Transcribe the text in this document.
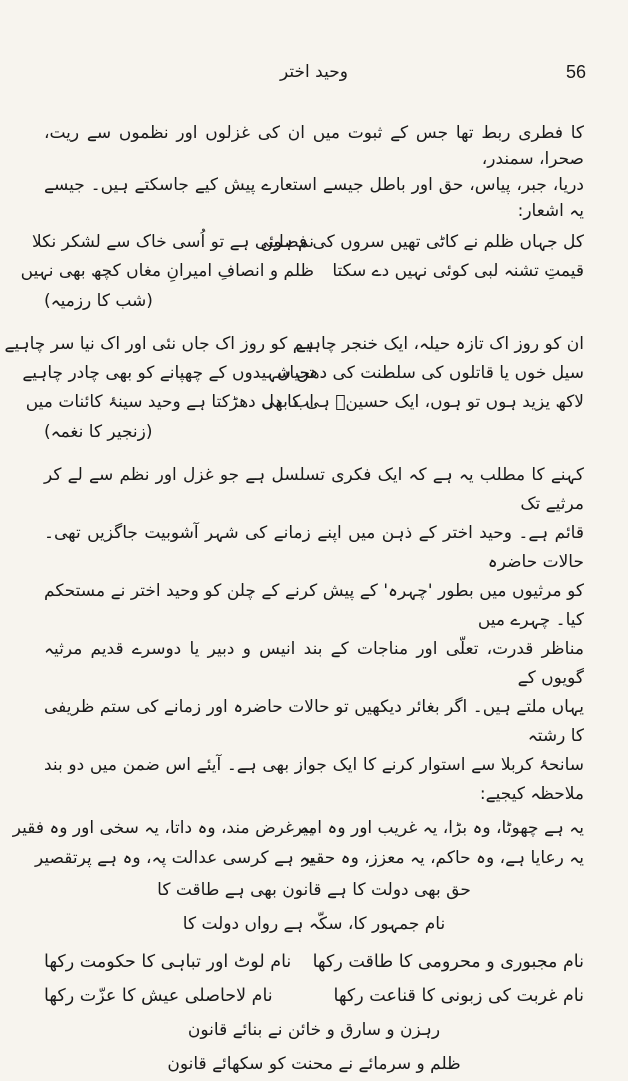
56
وحید اختر

کا فطری ربط تھا جس کے ثبوت میں ان کی غزلوں اور نظموں سے ریت، صحرا، سمندر،

دریا، جبر، پیاس، حق اور باطل جیسے استعارے پیش کیے جاسکتے ہیں۔ جیسے یہ اشعار:

کل جہاں ظلم نے کاٹی تھیں سروں کی فصلیں
نم ہوئی ہے تو اُسی خاک سے لشکر نکلا
قیمتِ تشنہ لبی کوئی نہیں دے سکتا
ظلم و انصافِ امیرانِ مغاں کچھ بھی نہیں
(شب کا رزمیہ)
ان کو روز اک تازہ حیلہ، ایک خنجر چاہیے
ہم کو روز اک جاں نئی اور اک نیا سر چاہیے
سیل خوں یا قاتلوں کی سلطنت کی دھجیاں
تن شہیدوں کے چھپانے کو بھی چادر چاہیے
لاکھ یزید ہوں تو ہوں، ایک حسینؑ ہی کا دل
اب بھی دھڑکتا ہے وحید سینۂ کائنات میں
(زنجیر کا نغمہ)

کہنے کا مطلب یہ ہے کہ ایک فکری تسلسل ہے جو غزل اور نظم سے لے کر مرثیے تک

قائم ہے۔ وحید اختر کے ذہن میں اپنے زمانے کی شہر آشوبیت جاگزیں تھی۔ حالات حاضرہ

کو مرثیوں میں بطور 'چہرہ' کے پیش کرنے کے چلن کو وحید اختر نے مستحکم کیا۔ چہرے میں

مناظر قدرت، تعلّی اور مناجات کے بند انیس و دبیر یا دوسرے قدیم مرثیہ گویوں کے

یہاں ملتے ہیں۔ اگر بغائر دیکھیں تو حالات حاضرہ اور زمانے کی ستم ظریفی کا رشتہ

سانحۂ کربلا سے استوار کرنے کا ایک جواز بھی ہے۔ آیئے اس ضمن میں دو بند ملاحظہ کیجیے:

یہ ہے چھوٹا، وہ بڑا، یہ غریب اور وہ امیر
یہ غرض مند، وہ داتا، یہ سخی اور وہ فقیر
یہ رعایا ہے، وہ حاکم، یہ معزز، وہ حقیر
یہ ہے کرسی عدالت پہ، وہ ہے پرتقصیر
حق بھی دولت کا ہے قانون بھی ہے طاقت کا
نام جمہور کا، سکّہ ہے رواں دولت کا
نام مجبوری و محرومی کا طاقت رکھا
نام لوٹ اور تباہی کا حکومت رکھا
نام غربت کی زبونی کا قناعت رکھا
نام لاحاصلی عیش کا عزّت رکھا
رہزن و سارق و خائن نے بنائے قانون
ظلم و سرمائے نے محنت کو سکھائے قانون
